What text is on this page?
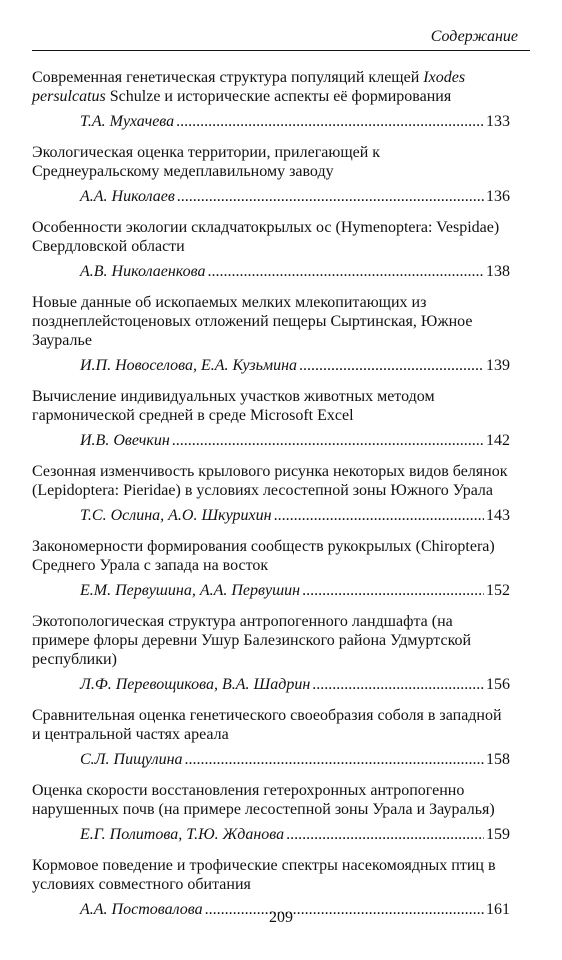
Содержание

Современная генетическая структура популяций клещей Ixodes persulcatus Schulze и исторические аспекты её формирования

Т.А. Мухачева . . .	133

Экологическая оценка территории, прилегающей к Среднеуральскому медеплавильному заводу

А.А. Николаев . . .	136

Особенности экологии складчатокрылых ос (Hymenoptera: Vespidae) Свердловской области

А.В. Николаенкова . . .	138

Новые данные об ископаемых мелких млекопитающих из позднеплейстоценовых отложений пещеры Сыртинская, Южное Зауралье

И.П. Новоселова, Е.А. Кузьмина . . .	139

Вычисление индивидуальных участков животных методом гармонической средней в среде Microsoft Excel

И.В. Овечкин . . .	142

Сезонная изменчивость крылового рисунка некоторых видов белянок (Lepidoptera: Pieridae) в условиях лесостепной зоны Южного Урала

Т.С. Ослина, А.О. Шкурихин . . .	143

Закономерности формирования сообществ рукокрылых (Chiroptera) Среднего Урала с запада на восток

Е.М. Первушина, А.А. Первушин . . .	152

Экотопологическая структура антропогенного ландшафта (на примере флоры деревни Ушур Балезинского района Удмуртской республики)

Л.Ф. Перевощикова, В.А. Шадрин . . .	156

Сравнительная оценка генетического своеобразия соболя в западной и центральной частях ареала

С.Л. Пищулина . . .	158

Оценка скорости восстановления гетерохронных антропогенно нарушенных почв (на примере лесостепной зоны Урала и Зауралья)

Е.Г. Политова, Т.Ю. Жданова . . .	159

Кормовое поведение и трофические спектры насекомоядных птиц в условиях совместного обитания

А.А. Постовалова . . .	161
209
